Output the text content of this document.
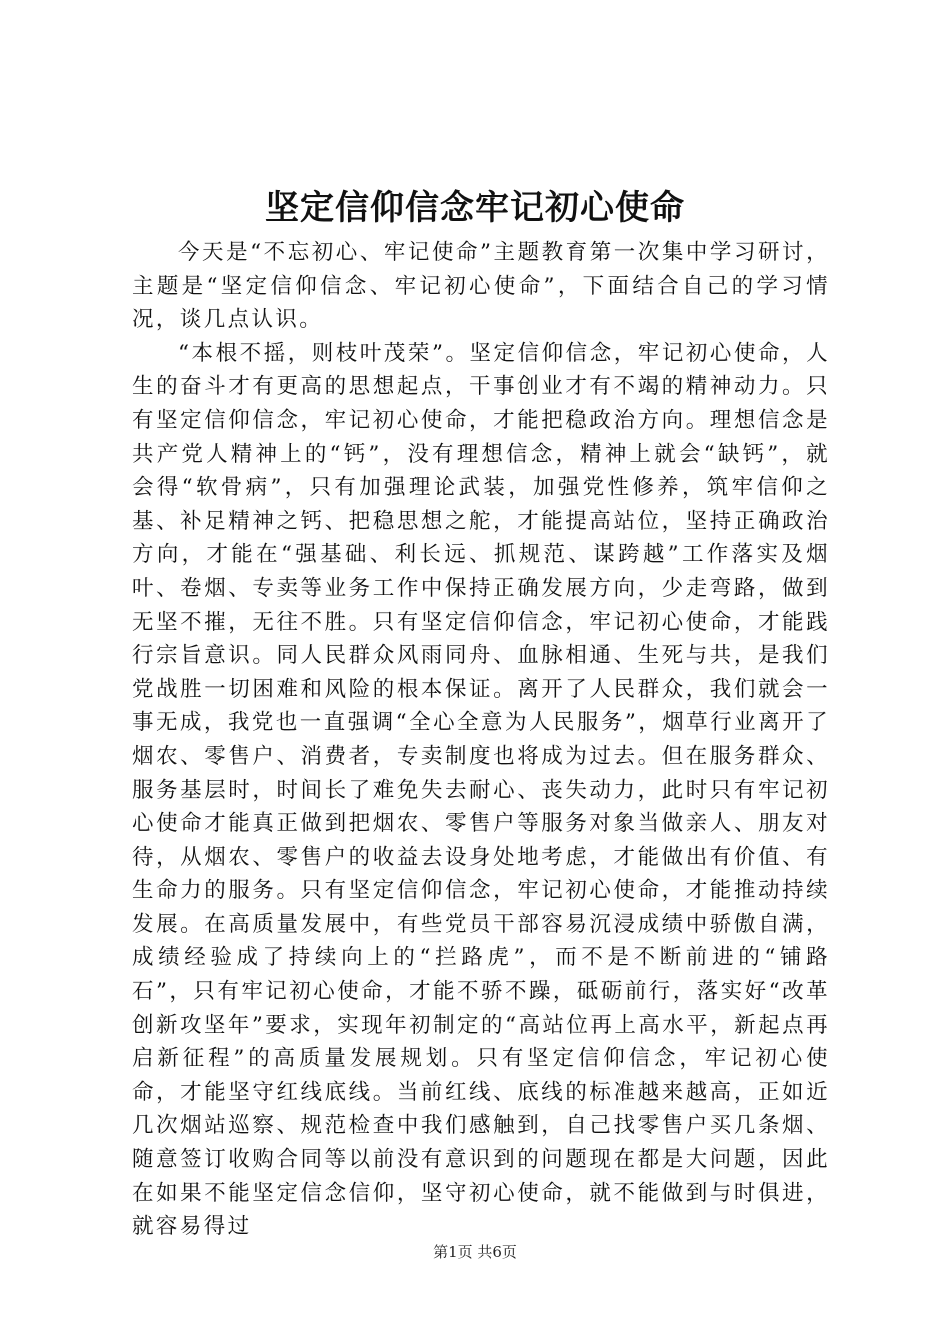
坚定信仰信念牢记初心使命

今天是“不忘初心、牢记使命”主题教育第一次集中学习研讨，主题是“坚定信仰信念、牢记初心使命”，下面结合自己的学习情况，谈几点认识。

“本根不摇，则枝叶茂荣”。坚定信仰信念，牢记初心使命，人生的奋斗才有更高的思想起点，干事创业才有不竭的精神动力。只有坚定信仰信念，牢记初心使命，才能把稳政治方向。理想信念是共产党人精神上的“钙”，没有理想信念，精神上就会“缺钙”，就会得“软骨病”，只有加强理论武装，加强党性修养，筑牢信仰之基、补足精神之钙、把稳思想之舵，才能提高站位，坚持正确政治方向，才能在“强基础、利长远、抓规范、谋跨越”工作落实及烟叶、卷烟、专卖等业务工作中保持正确发展方向，少走弯路，做到无坚不摧，无往不胜。只有坚定信仰信念，牢记初心使命，才能践行宗旨意识。同人民群众风雨同舟、血脉相通、生死与共，是我们党战胜一切困难和风险的根本保证。离开了人民群众，我们就会一事无成，我党也一直强调“全心全意为人民服务”，烟草行业离开了烟农、零售户、消费者，专卖制度也将成为过去。但在服务群众、服务基层时，时间长了难免失去耐心、丧失动力，此时只有牢记初心使命才能真正做到把烟农、零售户等服务对象当做亲人、朋友对待，从烟农、零售户的收益去设身处地考虑，才能做出有价值、有生命力的服务。只有坚定信仰信念，牢记初心使命，才能推动持续发展。在高质量发展中，有些党员干部容易沉浸成绩中骄傲自满，成绩经验成了持续向上的“拦路虎”，而不是不断前进的“铺路石”，只有牢记初心使命，才能不骄不躁，砥砺前行，落实好“改革创新攻坚年”要求，实现年初制定的“高站位再上高水平，新起点再启新征程”的高质量发展规划。只有坚定信仰信念，牢记初心使命，才能坚守红线底线。当前红线、底线的标准越来越高，正如近几次烟站巡察、规范检查中我们感触到，自己找零售户买几条烟、随意签订收购合同等以前没有意识到的问题现在都是大问题，因此在如果不能坚定信念信仰，坚守初心使命，就不能做到与时俱进，就容易得过

第1页 共6页
